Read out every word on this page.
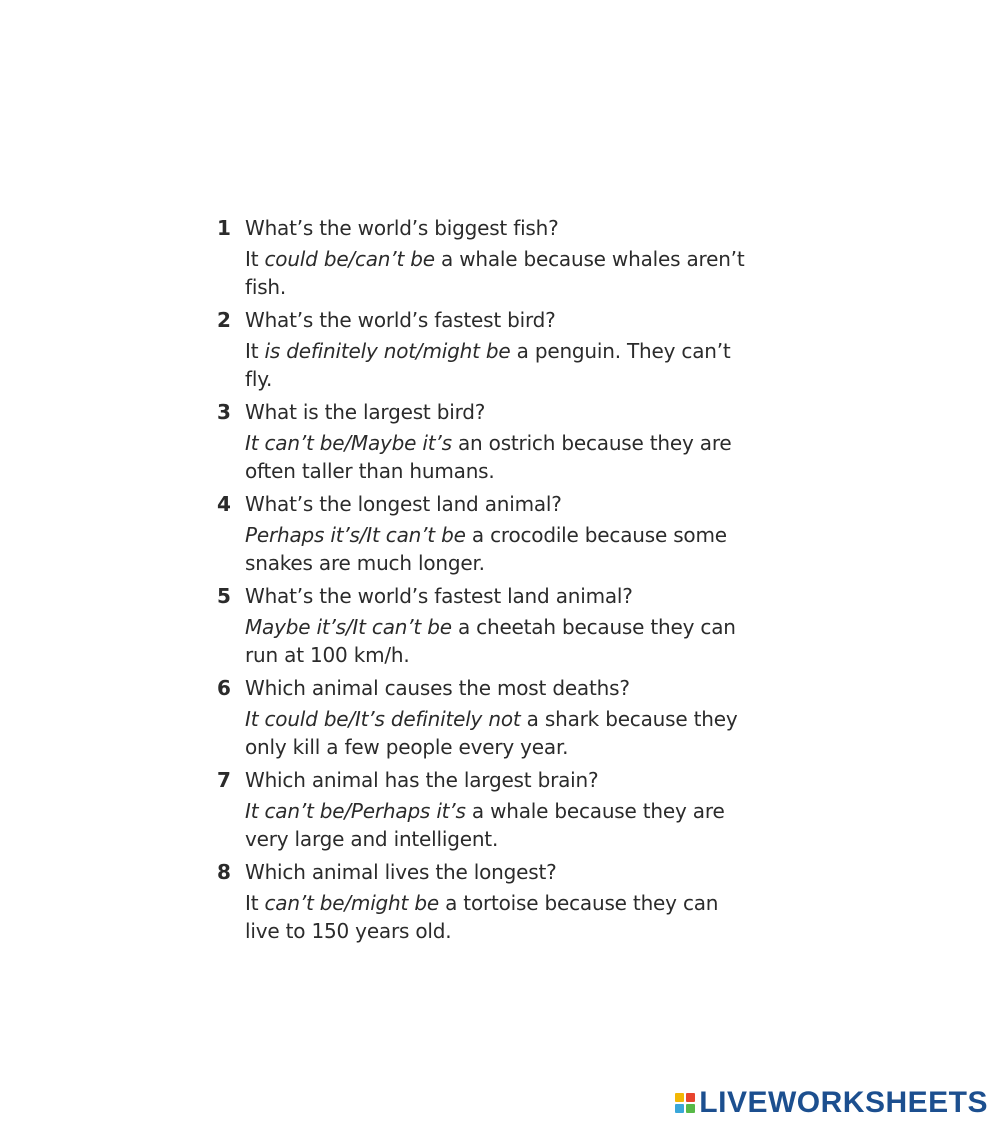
1 What’s the world’s biggest fish?
It could be/can’t be a whale because whales aren’t fish.
2 What’s the world’s fastest bird?
It is definitely not/might be a penguin. They can’t fly.
3 What is the largest bird?
It can’t be/Maybe it’s an ostrich because they are often taller than humans.
4 What’s the longest land animal?
Perhaps it’s/It can’t be a crocodile because some snakes are much longer.
5 What’s the world’s fastest land animal?
Maybe it’s/It can’t be a cheetah because they can run at 100 km/h.
6 Which animal causes the most deaths?
It could be/It’s definitely not a shark because they only kill a few people every year.
7 Which animal has the largest brain?
It can’t be/Perhaps it’s a whale because they are very large and intelligent.
8 Which animal lives the longest?
It can’t be/might be a tortoise because they can live to 150 years old.
LIVEWORKSHEETS
